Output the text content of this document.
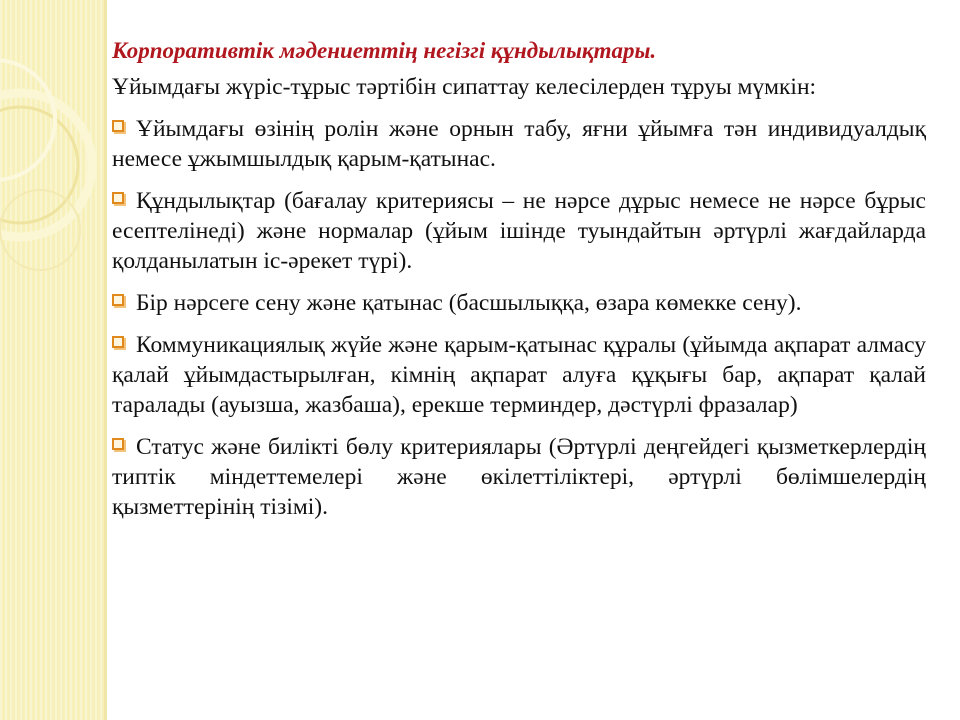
Корпоративтік мәдениеттің негізгі құндылықтары.
Ұйымдағы жүріс-тұрыс тәртібін сипаттау келесілерден тұруы мүмкін:
Ұйымдағы өзінің ролін және орнын табу, яғни ұйымға тән индивидуалдық немесе ұжымшылдық қарым-қатынас.
Құндылықтар (бағалау критериясы – не нәрсе дұрыс немесе не нәрсе бұрыс есептелінеді) және нормалар (ұйым ішінде туындайтын әртүрлі жағдайларда қолданылатын іс-әрекет түрі).
Бір нәрсеге сену және қатынас (басшылыққа, өзара көмекке сену).
Коммуникациялық жүйе және қарым-қатынас құралы (ұйымда ақпарат алмасу қалай ұйымдастырылған, кімнің ақпарат алуға құқығы бар, ақпарат қалай таралады (ауызша, жазбаша), ерекше терминдер, дәстүрлі фразалар)
Статус және билікті бөлу критериялары (Әртүрлі деңгейдегі қызметкерлердің типтік міндеттемелері және өкілеттіліктері, әртүрлі бөлімшелердің қызметтерінің тізімі).
